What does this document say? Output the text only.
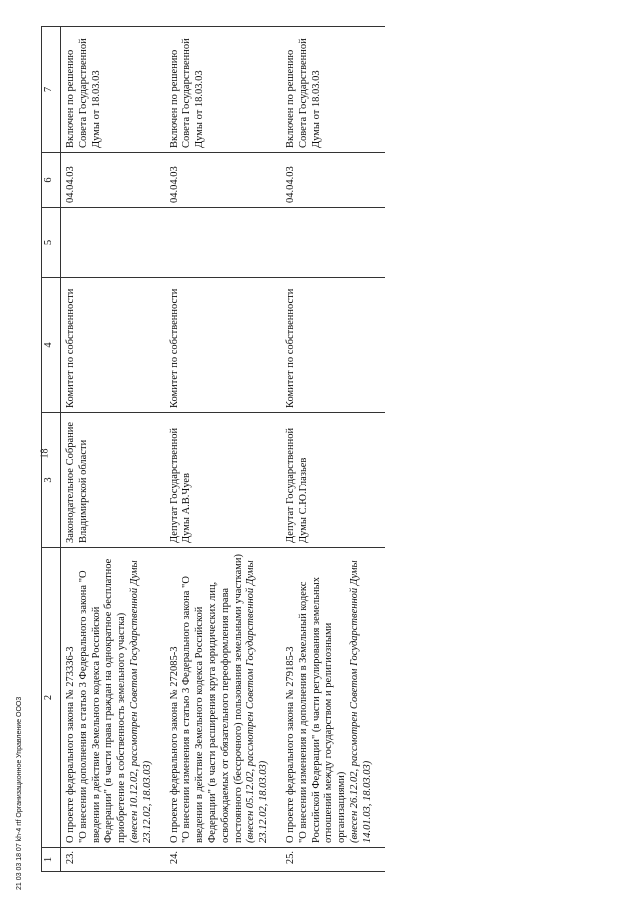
18
1	2	3	4	5	6	7
23.	О проекте федерального закона № 273336-3 "О внесении дополнения в статью 3 Федерального закона "О введении в действие Земельного кодекса Российской Федерации" (в части права граждан на однократное бесплатное приобретение в собственность земельного участка) (внесен 10.12.02, рассмотрен Советом Государственной Думы 23.12.02, 18.03.03)	Законодательное Собрание Владимирской области	Комитет по собственности		04.04.03	Включен по решению Совета Государственной Думы от 18.03.03
24.	О проекте федерального закона № 272085-3 "О внесении изменения в статью 3 Федерального закона "О введении в действие Земельного кодекса Российской Федерации" (в части расширения круга юридических лиц, освобождаемых от обязательного переоформления права постоянного (бессрочного) пользования земельными участками) (внесен 05.12.02, рассмотрен Советом Государственной Думы 23.12.02, 18.03.03)	Депутат Государственной Думы А.В.Чуев	Комитет по собственности		04.04.03	Включен по решению Совета Государственной Думы от 18.03.03
25.	О проекте федерального закона № 279185-3 "О внесении изменения и дополнения в Земельный кодекс Российской Федерации" (в части регулирования земельных отношений между государством и религиозными организациями) (внесен 26.12.02, рассмотрен Советом Государственной Думы 14.01.03, 18.03.03)	Депутат Государственной Думы С.Ю.Глазьев	Комитет по собственности		04.04.03	Включен по решению Совета Государственной Думы от 18.03.03

21 03 03 18 07 kh-4 rtf Организационное Управление ООО3
